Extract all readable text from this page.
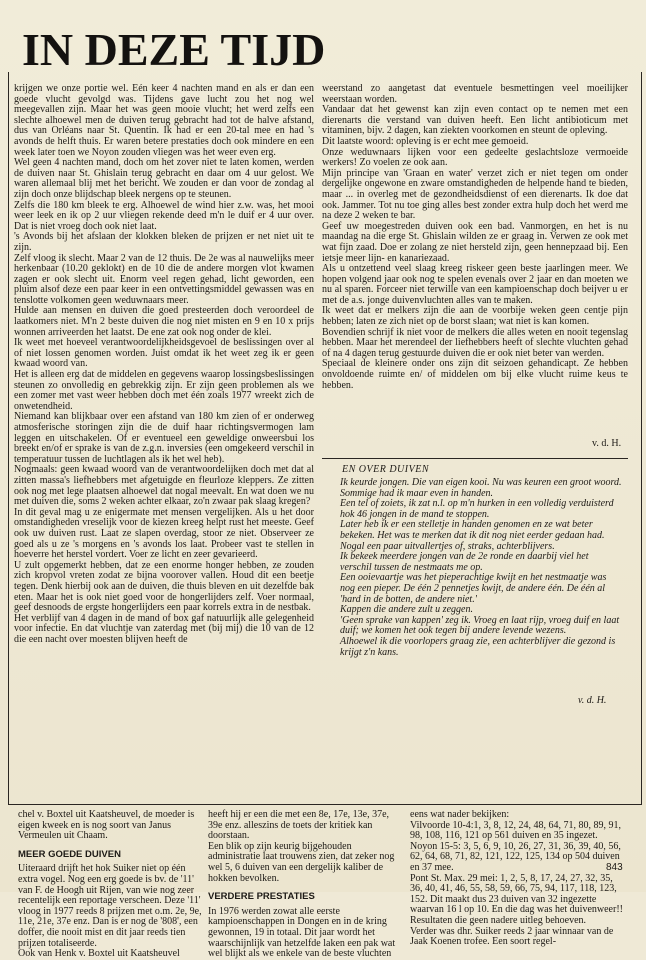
IN DEZE TIJD

krijgen we onze portie wel. Eén keer 4 nachten mand en als er dan een goede vlucht gevolgd was. Tijdens gave lucht zou het nog wel meegevallen zijn. Maar het was geen mooie vlucht; het werd zelfs een slechte alhoewel men de duiven terug gebracht had tot de halve afstand, dus van Orléans naar St. Quentin. Ik had er een 20-tal mee en had 's avonds de helft thuis. Er waren betere prestaties doch ook mindere en een week later toen we Noyon zouden vliegen was het weer even erg.

Wel geen 4 nachten mand, doch om het zover niet te laten komen, werden de duiven naar St. Ghislain terug gebracht en daar om 4 uur gelost. We waren allemaal blij met het bericht. We zouden er dan voor de zondag al zijn doch onze blijdschap bleek nergens op te steunen.

Zelfs die 180 km bleek te erg. Alhoewel de wind hier z.w. was, het mooi weer leek en ik op 2 uur vliegen rekende deed m'n le duif er 4 uur over. Dat is niet vroeg doch ook niet laat.

's Avonds bij het afslaan der klokken bleken de prijzen er net niet uit te zijn.

Zelf vloog ik slecht. Maar 2 van de 12 thuis. De 2e was al nauwelijks meer herkenbaar (10.20 geklokt) en de 10 die de andere morgen vlot kwamen zagen er ook slecht uit. Enorm veel regen gehad, licht geworden, een pluim alsof deze een paar keer in een ontvettingsmiddel gewassen was en tenslotte volkomen geen weduwnaars meer.

Hulde aan mensen en duiven die goed presteerden doch veroordeel de laatkomers niet. M'n 2 beste duiven die nog niet misten en 9 en 10 x prijs wonnen arriveerden het laatst. De ene zat ook nog onder de klei.

Ik weet met hoeveel verantwoordelijkheidsgevoel de beslissingen over al of niet lossen genomen worden. Juist omdat ik het weet zeg ik er geen kwaad woord van.

Het is alleen erg dat de middelen en gegevens waarop lossingsbeslissingen steunen zo onvolledig en gebrekkig zijn. Er zijn geen problemen als we een zomer met vast weer hebben doch met één zoals 1977 wreekt zich de onwetendheid.

Niemand kan blijkbaar over een afstand van 180 km zien of er onderweg atmosferische storingen zijn die de duif haar richtingsvermogen lam leggen en uitschakelen. Of er eventueel een geweldige onweersbui los breekt en/of er sprake is van de z.g.n. inversies (een omgekeerd verschil in temperatuur tussen de luchtlagen als ik het wel heb).

Nogmaals: geen kwaad woord van de verantwoordelijken doch met dat al zitten massa's liefhebbers met afgetuigde en fleurloze kleppers. Ze zitten ook nog met lege plaatsen alhoewel dat nogal meevalt. En wat doen we nu met duiven die, soms 2 weken achter elkaar, zo'n zwaar pak slaag kregen?

In dit geval mag u ze enigermate met mensen vergelijken. Als u het door omstandigheden vreselijk voor de kiezen kreeg helpt rust het meeste. Geef ook uw duiven rust. Laat ze slapen overdag, stoor ze niet. Observeer ze goed als u ze 's morgens en 's avonds los laat. Probeer vast te stellen in hoeverre het herstel vordert. Voer ze licht en zeer gevarieerd.

U zult opgemerkt hebben, dat ze een enorme honger hebben, ze zouden zich kropvol vreten zodat ze bijna voorover vallen. Houd dit een beetje tegen. Denk hierbij ook aan de duiven, die thuis bleven en uit dezelfde bak eten. Maar het is ook niet goed voor de hongerlijders zelf. Voer normaal, geef desnoods de ergste hongerlijders een paar korrels extra in de nestbak.

Het verblijf van 4 dagen in de mand of box gaf natuurlijk alle gelegenheid voor infectie. En dat vluchtje van zaterdag met (bij mij) die 10 van de 12 die een nacht over moesten blijven heeft de

weerstand zo aangetast dat eventuele besmettingen veel moeilijker weerstaan worden.

Vandaar dat het gewenst kan zijn even contact op te nemen met een dierenarts die verstand van duiven heeft. Een licht antibioticum met vitaminen, bijv. 2 dagen, kan ziekten voorkomen en steunt de opleving.

Dit laatste woord: opleving is er echt mee gemoeid.

Onze weduwnaars lijken voor een gedeelte geslachtsloze vermoeide werkers! Zo voelen ze ook aan.

Mijn principe van 'Graan en water' verzet zich er niet tegen om onder dergelijke ongewone en zware omstandigheden de helpende hand te bieden, maar ... in overleg met de gezondheidsdienst of een dierenarts. Ik doe dat ook. Jammer. Tot nu toe ging alles best zonder extra hulp doch het werd me na deze 2 weken te bar.

Geef uw moegestreden duiven ook een bad. Vanmorgen, en het is nu maandag na die erge St. Ghislain wilden ze er graag in. Verwen ze ook met wat fijn zaad. Doe er zolang ze niet hersteld zijn, geen hennepzaad bij. Een ietsje meer lijn- en kanariezaad.

Als u ontzettend veel slaag kreeg riskeer geen beste jaarlingen meer. We hopen volgend jaar ook nog te spelen evenals over 2 jaar en dan moeten we nu al sparen. Forceer niet terwille van een kampioenschap doch beijver u er met de a.s. jonge duivenvluchten alles van te maken.

Ik weet dat er melkers zijn die aan de voorbije weken geen centje pijn hebben; laten ze zich niet op de borst slaan; wat niet is kan komen.

Bovendien schrijf ik niet voor de melkers die alles weten en nooit tegenslag hebben. Maar het merendeel der liefhebbers heeft of slechte vluchten gehad of na 4 dagen terug gestuurde duiven die er ook niet beter van werden.

Speciaal de kleinere onder ons zijn dit seizoen gehandicapt. Ze hebben onvoldoende ruimte en/ of middelen om bij elke vlucht ruime keus te hebben.

v. d. H.
EN OVER DUIVEN

Ik keurde jongen. Die van eigen kooi. Nu was keuren een groot woord. Sommige had ik maar even in handen.

Een tel of zoiets, ik zat n.l. op m'n hurken in een volledig verduisterd hok 46 jongen in de mand te stoppen.

Later heb ik er een stelletje in handen genomen en ze wat beter bekeken. Het was te merken dat ik dit nog niet eerder gedaan had. Nogal een paar uitvallertjes of, straks, achterblijvers.

Ik bekeek meerdere jongen van de 2e ronde en daarbij viel het verschil tussen de nestmaats me op.

Een ooievaartje was het pieperachtige kwijt en het nestmaatje was nog een pieper. De één 2 pennetjes kwijt, de andere één. De één al 'hard in de botten, de andere niet.'

Kappen die andere zult u zeggen.

'Geen sprake van kappen' zeg ik. Vroeg en laat rijp, vroeg duif en laat duif; we komen het ook tegen bij andere levende wezens.

Alhoewel ik die voorlopers graag zie, een achterblijver die gezond is krijgt z'n kans.

v. d. H.

chel v. Boxtel uit Kaatsheuvel, de moeder is eigen kweek en is nog soort van Janus Vermeulen uit Chaam.

MEER GOEDE DUIVEN

Uiteraard drijft het hok Suiker niet op één extra vogel. Nog een erg goede is bv. de '11' van F. de Hoogh uit Rijen, van wie nog zeer recentelijk een reportage verscheen. Deze '11' vloog in 1977 reeds 8 prijzen met o.m. 2e, 9e, 11e, 21e, 37e enz. Dan is er nog de '808', een doffer, die nooit mist en dit jaar reeds tien prijzen totaliseerde.

Ook van Henk v. Boxtel uit Kaatsheuvel

heeft hij er een die met een 8e, 17e, 13e, 37e, 39e enz. alleszins de toets der kritiek kan doorstaan.

Een blik op zijn keurig bijgehouden administratie laat trouwens zien, dat zeker nog wel 5, 6 duiven van een dergelijk kaliber de hokken bevolken.

VERDERE PRESTATIES

In 1976 werden zowat alle eerste kampioenschappen in Dongen en in de kring gewonnen, 19 in totaal. Dit jaar wordt het waarschijnlijk van hetzelfde laken een pak wat wel blijkt als we enkele van de beste vluchten

eens wat nader bekijken:

Vilvoorde 10-4:1, 3, 8, 12, 24, 48, 64, 71, 80, 89, 91, 98, 108, 116, 121 op 561 duiven en 35 ingezet.

Noyon 15-5: 3, 5, 6, 9, 10, 26, 27, 31, 36, 39, 40, 56, 62, 64, 68, 71, 82, 121, 122, 125, 134 op 504 duiven en 37 mee.

Pont St. Max. 29 mei: 1, 2, 5, 8, 17, 24, 27, 32, 35, 36, 40, 41, 46, 55, 58, 59, 66, 75, 94, 117, 118, 123, 152. Dit maakt dus 23 duiven van 32 ingezette waarvan 16 l op 10. En die dag was het duivenweer!!

Resultaten die geen nadere uitleg behoeven.

Verder was dhr. Suiker reeds 2 jaar winnaar van de Jaak Koenen trofee. Een soort regel-

843
